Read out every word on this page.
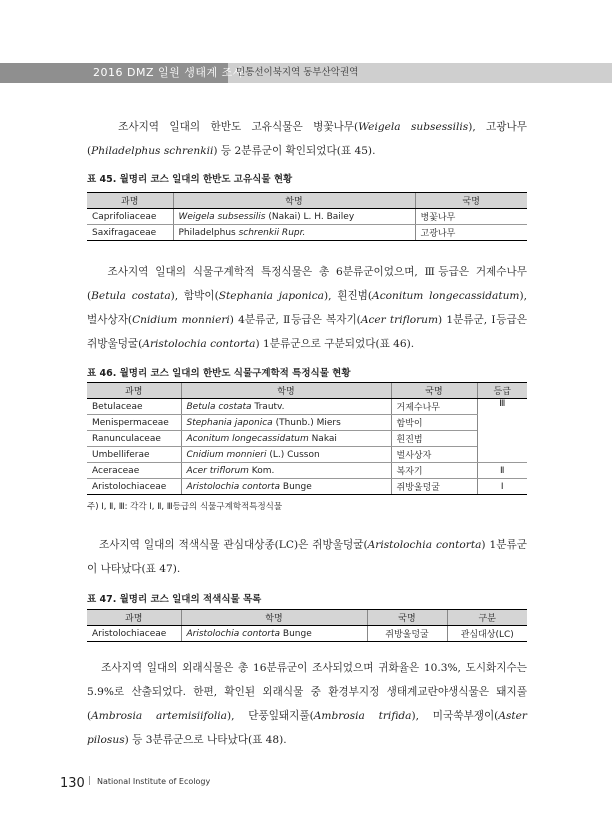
2016 DMZ 일원 생태계 조사
민통선이북지역 동부산악권역

조사지역 일대의 한반도 고유식물은 병꽃나무(Weigela subsessilis), 고광나무 (Philadelphus schrenkii) 등 2분류군이 확인되었다(표 45).

표 45. 월명리 코스 일대의 한반도 고유식물 현황
과명	학명	국명
Caprifoliaceae	Weigela subsessilis (Nakai) L. H. Bailey	병꽃나무
Saxifragaceae	Philadelphus schrenkii Rupr.	고광나무

조사지역 일대의 식물구계학적 특정식물은 총 6분류군이었으며, Ⅲ등급은 거제수나무 (Betula costata), 함박이(Stephania japonica), 흰진범(Aconitum longecassidatum), 벌사상자(Cnidium monnieri) 4분류군, Ⅱ등급은 복자기(Acer triflorum) 1분류군, Ⅰ등급은 쥐방울덩굴(Aristolochia contorta) 1분류군으로 구분되었다(표 46).

표 46. 월명리 코스 일대의 한반도 식물구계학적 특정식물 현황
과명	학명	국명	등급
Betulaceae	Betula costata Trautv.	거제수나무	Ⅲ
Menispermaceae	Stephania japonica (Thunb.) Miers	함박이	
Ranunculaceae	Aconitum longecassidatum Nakai	흰진범	
Umbelliferae	Cnidium monnieri (L.) Cusson	벌사상자	
Aceraceae	Acer triflorum Kom.	복자기	Ⅱ
Aristolochiaceae	Aristolochia contorta Bunge	쥐방울덩굴	Ⅰ
주) Ⅰ, Ⅱ, Ⅲ: 각각 Ⅰ, Ⅱ, Ⅲ등급의 식물구계학적특정식물

조사지역 일대의 적색식물 관심대상종(LC)은 쥐방울덩굴(Aristolochia contorta) 1분류군이 나타났다(표 47).

표 47. 월명리 코스 일대의 적색식물 목록
과명	학명	국명	구분
Aristolochiaceae	Aristolochia contorta Bunge	쥐방울덩굴	관심대상(LC)

조사지역 일대의 외래식물은 총 16분류군이 조사되었으며 귀화율은 10.3%, 도시화지수는 5.9%로 산출되었다. 한편, 확인된 외래식물 중 환경부지정 생태계교란야생식물은 돼지풀(Ambrosia artemisiifolia), 단풍잎돼지풀(Ambrosia trifida), 미국쑥부쟁이(Aster pilosus) 등 3분류군으로 나타났다(표 48).

130 | National Institute of Ecology
